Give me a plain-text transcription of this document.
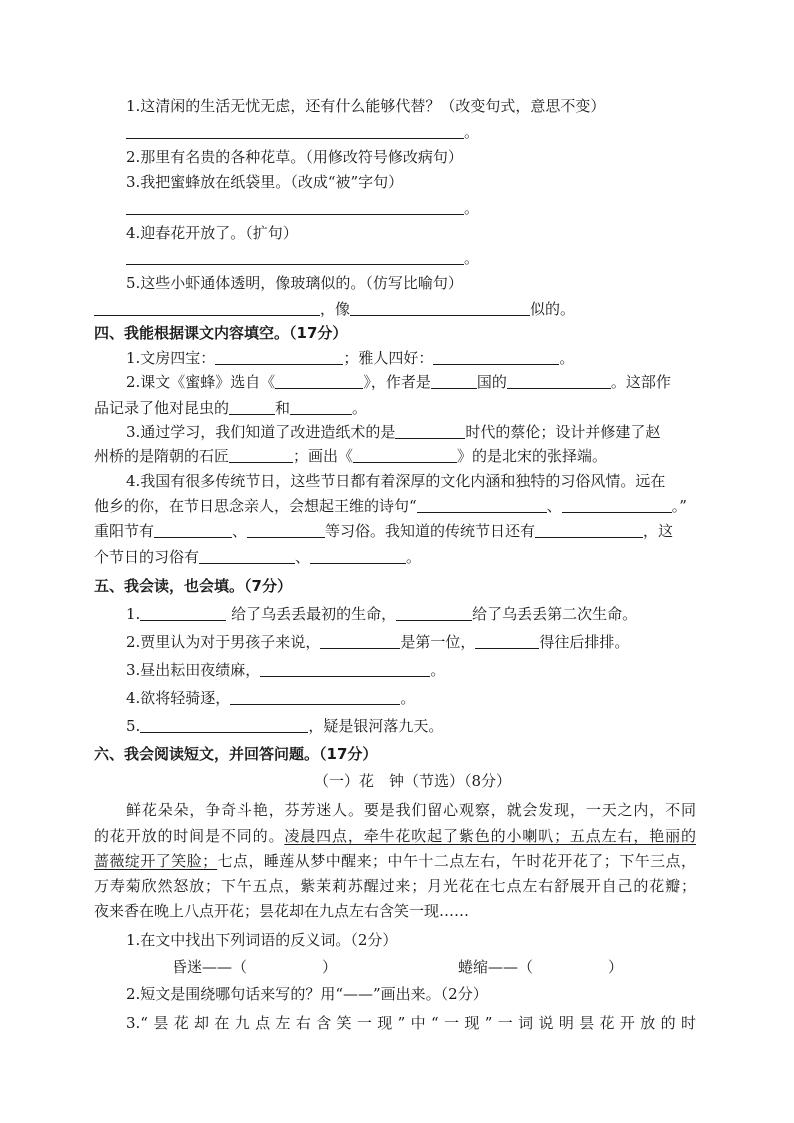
1.这清闲的生活无忧无虑，还有什么能够代替？（改变句式，意思不变）
。
2.那里有名贵的各种花草。（用修改符号修改病句）
3.我把蜜蜂放在纸袋里。（改成“被”字句）
。
4.迎春花开放了。（扩句）
。
5.这些小虾通体透明，像玻璃似的。（仿写比喻句）
，像	似的。
四、我能根据课文内容填空。（17分）
1.文房四宝：	；雅人四好：	。
2.课文《蜜蜂》选自《	》，作者是	国的	。这部作
品记录了他对昆虫的	和	。
3.通过学习，我们知道了改进造纸术的是	时代的蔡伦；设计并修建了赵
州桥的是隋朝的石匠	；画出《	》的是北宋的张择端。
4.我国有很多传统节日，这些节日都有着深厚的文化内涵和独特的习俗风情。远在
他乡的你，在节日思念亲人，会想起王维的诗句“	、	。”
重阳节有	、	等习俗。我知道的传统节日还有	，这
个节日的习俗有	、	。
五、我会读，也会填。（7分）
1.	给了乌丢丢最初的生命，	给了乌丢丢第二次生命。
2.贾里认为对于男孩子来说，	是第一位，	得往后排排。
3.昼出耘田夜绩麻，	。
4.欲将轻骑逐，	。
5.	，疑是银河落九天。
六、我会阅读短文，并回答问题。（17分）
（一）花　钟（节选）（8分）
鲜花朵朵，争奇斗艳，芬芳迷人。要是我们留心观察，就会发现，一天之内，不同
的花开放的时间是不同的。凌晨四点，牵牛花吹起了紫色的小喇叭；五点左右，艳丽的
蔷薇绽开了笑脸；七点，睡莲从梦中醒来；中午十二点左右，午时花开花了；下午三点，
万寿菊欣然怒放；下午五点，紫茉莉苏醒过来；月光花在七点左右舒展开自己的花瓣；
夜来香在晚上八点开花；昙花却在九点左右含笑一现……
1.在文中找出下列词语的反义词。（2分）
昏迷——（　　　　　）	蜷缩——（　　　　　）
2.短文是围绕哪句话来写的？用“——”画出来。（2分）
3.“昙花却在九点左右含笑一现”中“一现”一词说明昙花开放的时
